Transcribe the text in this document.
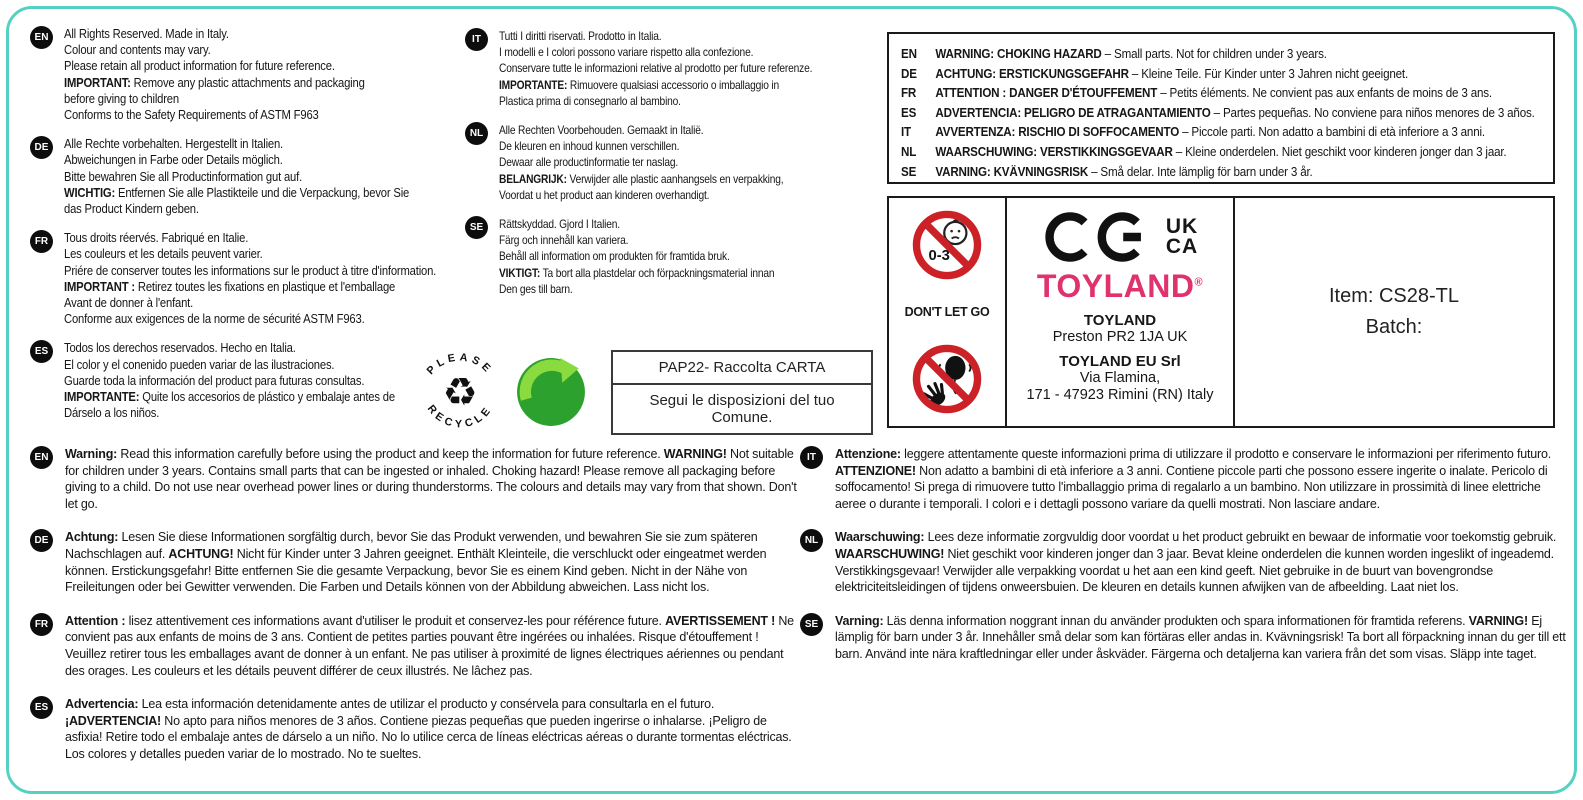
EN	All Rights Reserved. Made in Italy.
Colour and contents may vary.
Please retain all product information for future reference.
IMPORTANT: Remove any plastic attachments and packaging
before giving to children
Conforms to the Safety Requirements of ASTM F963
DE	Alle Rechte vorbehalten. Hergestellt in Italien.
Abweichungen in Farbe oder Details möglich.
Bitte bewahren Sie all Productinformation gut auf.
WICHTIG: Entfernen Sie alle Plastikteile und die Verpackung, bevor Sie
das Product Kindern geben.
FR	Tous droits réervés. Fabriqué en Italie.
Les couleurs et les details peuvent varier.
Priére de conserver toutes les informations sur le product à titre d'information.
IMPORTANT : Retirez toutes les fixations en plastique et l'emballage
Avant de donner à l'enfant.
Conforme aux exigences de la norme de sécurité ASTM F963.
ES	Todos los derechos reservados. Hecho en Italia.
El color y el conenido pueden variar de las ilustraciones.
Guarde toda la información del product para futuras consultas.
IMPORTANTE: Quite los accesorios de plástico y embalaje antes de
Dárselo a los niños.
IT	Tutti I diritti riservati. Prodotto in Italia.
I modelli e I colori possono variare rispetto alla confezione.
Conservare tutte le informazioni relative al prodotto per future referenze.
IMPORTANTE: Rimuovere qualsiasi accessorio o imballaggio in
Plastica prima di consegnarlo al bambino.
NL	Alle Rechten Voorbehouden. Gemaakt in Italië.
De kleuren en inhoud kunnen verschillen.
Dewaar alle productinformatie ter naslag.
BELANGRIJK: Verwijder alle plastic aanhangsels en verpakking,
Voordat u het product aan kinderen overhandigt.
SE	Rättskyddad. Gjord I Italien.
Färg och innehåll kan variera.
Behåll all information om produkten för framtida bruk.
VIKTIGT: Ta bort alla plastdelar och förpackningsmaterial innan
Den ges till barn.
EN	WARNING: CHOKING HAZARD – Small parts. Not for children under 3 years.
DE	ACHTUNG: ERSTICKUNGSGEFAHR – Kleine Teile. Für Kinder unter 3 Jahren nicht geeignet.
FR	ATTENTION : DANGER D'ÉTOUFFEMENT – Petits éléments. Ne convient pas aux enfants de moins de 3 ans.
ES	ADVERTENCIA: PELIGRO DE ATRAGANTAMIENTO – Partes pequeñas. No conviene para niños menores de 3 años.
IT	AVVERTENZA: RISCHIO DI SOFFOCAMENTO – Piccole parti. Non adatto a bambini di età inferiore a 3 anni.
NL	WAARSCHUWING: VERSTIKKINGSGEVAAR – Kleine onderdelen. Niet geschikt voor kinderen jonger dan 3 jaar.
SE	VARNING: KVÄVNINGSRISK – Små delar. Inte lämplig för barn under 3 år.
0-3
DON'T LET GO
UK
CA
TOYLAND®
TOYLAND
Preston PR2 1JA UK
TOYLAND EU Srl
Via Flamina,
171 - 47923 Rimini (RN) Italy
Item: CS28-TL
Batch:
PLEASE
RECYCLE
♻
PAP22- Raccolta CARTA
Segui le disposizioni del tuo Comune.
EN	Warning: Read this information carefully before using the product and keep the information for future reference. WARNING! Not suitable for children under 3 years. Contains small parts that can be ingested or inhaled. Choking hazard! Please remove all packaging before giving to a child. Do not use near overhead power lines or during thunderstorms. The colours and details may vary from that shown. Don't let go.
DE	Achtung: Lesen Sie diese Informationen sorgfältig durch, bevor Sie das Produkt verwenden, und bewahren Sie sie zum späteren Nachschlagen auf. ACHTUNG! Nicht für Kinder unter 3 Jahren geeignet. Enthält Kleinteile, die verschluckt oder eingeatmet werden können. Erstickungsgefahr! Bitte entfernen Sie die gesamte Verpackung, bevor Sie es einem Kind geben. Nicht in der Nähe von Freileitungen oder bei Gewitter verwenden. Die Farben und Details können von der Abbildung abweichen. Lass nicht los.
FR	Attention : lisez attentivement ces informations avant d'utiliser le produit et conservez-les pour référence future. AVERTISSEMENT ! Ne convient pas aux enfants de moins de 3 ans. Contient de petites parties pouvant être ingérées ou inhalées. Risque d'étouffement ! Veuillez retirer tous les emballages avant de donner à un enfant. Ne pas utiliser à proximité de lignes électriques aériennes ou pendant des orages. Les couleurs et les détails peuvent différer de ceux illustrés. Ne lâchez pas.
ES	Advertencia: Lea esta información detenidamente antes de utilizar el producto y consérvela para consultarla en el futuro. ¡ADVERTENCIA! No apto para niños menores de 3 años. Contiene piezas pequeñas que pueden ingerirse o inhalarse. ¡Peligro de asfixia! Retire todo el embalaje antes de dárselo a un niño. No lo utilice cerca de líneas eléctricas aéreas o durante tormentas eléctricas. Los colores y detalles pueden variar de lo mostrado. No te sueltes.
IT	Attenzione: leggere attentamente queste informazioni prima di utilizzare il prodotto e conservare le informazioni per riferimento futuro. ATTENZIONE! Non adatto a bambini di età inferiore a 3 anni. Contiene piccole parti che possono essere ingerite o inalate. Pericolo di soffocamento! Si prega di rimuovere tutto l'imballaggio prima di regalarlo a un bambino. Non utilizzare in prossimità di linee elettriche aeree o durante i temporali. I colori e i dettagli possono variare da quelli mostrati. Non lasciare andare.
NL	Waarschuwing: Lees deze informatie zorgvuldig door voordat u het product gebruikt en bewaar de informatie voor toekomstig gebruik. WAARSCHUWING! Niet geschikt voor kinderen jonger dan 3 jaar. Bevat kleine onderdelen die kunnen worden ingeslikt of ingeademd. Verstikkingsgevaar! Verwijder alle verpakking voordat u het aan een kind geeft. Niet gebruike in de buurt van bovengrondse elektriciteitsleidingen of tijdens onweersbuien. De kleuren en details kunnen afwijken van de afbeelding. Laat niet los.
SE	Varning: Läs denna information noggrant innan du använder produkten och spara informationen för framtida referens. VARNING! Ej lämplig för barn under 3 år. Innehåller små delar som kan förtäras eller andas in. Kvävningsrisk! Ta bort all förpackning innan du ger till ett barn. Använd inte nära kraftledningar eller under åskväder. Färgerna och detaljerna kan variera från det som visas. Släpp inte taget.
